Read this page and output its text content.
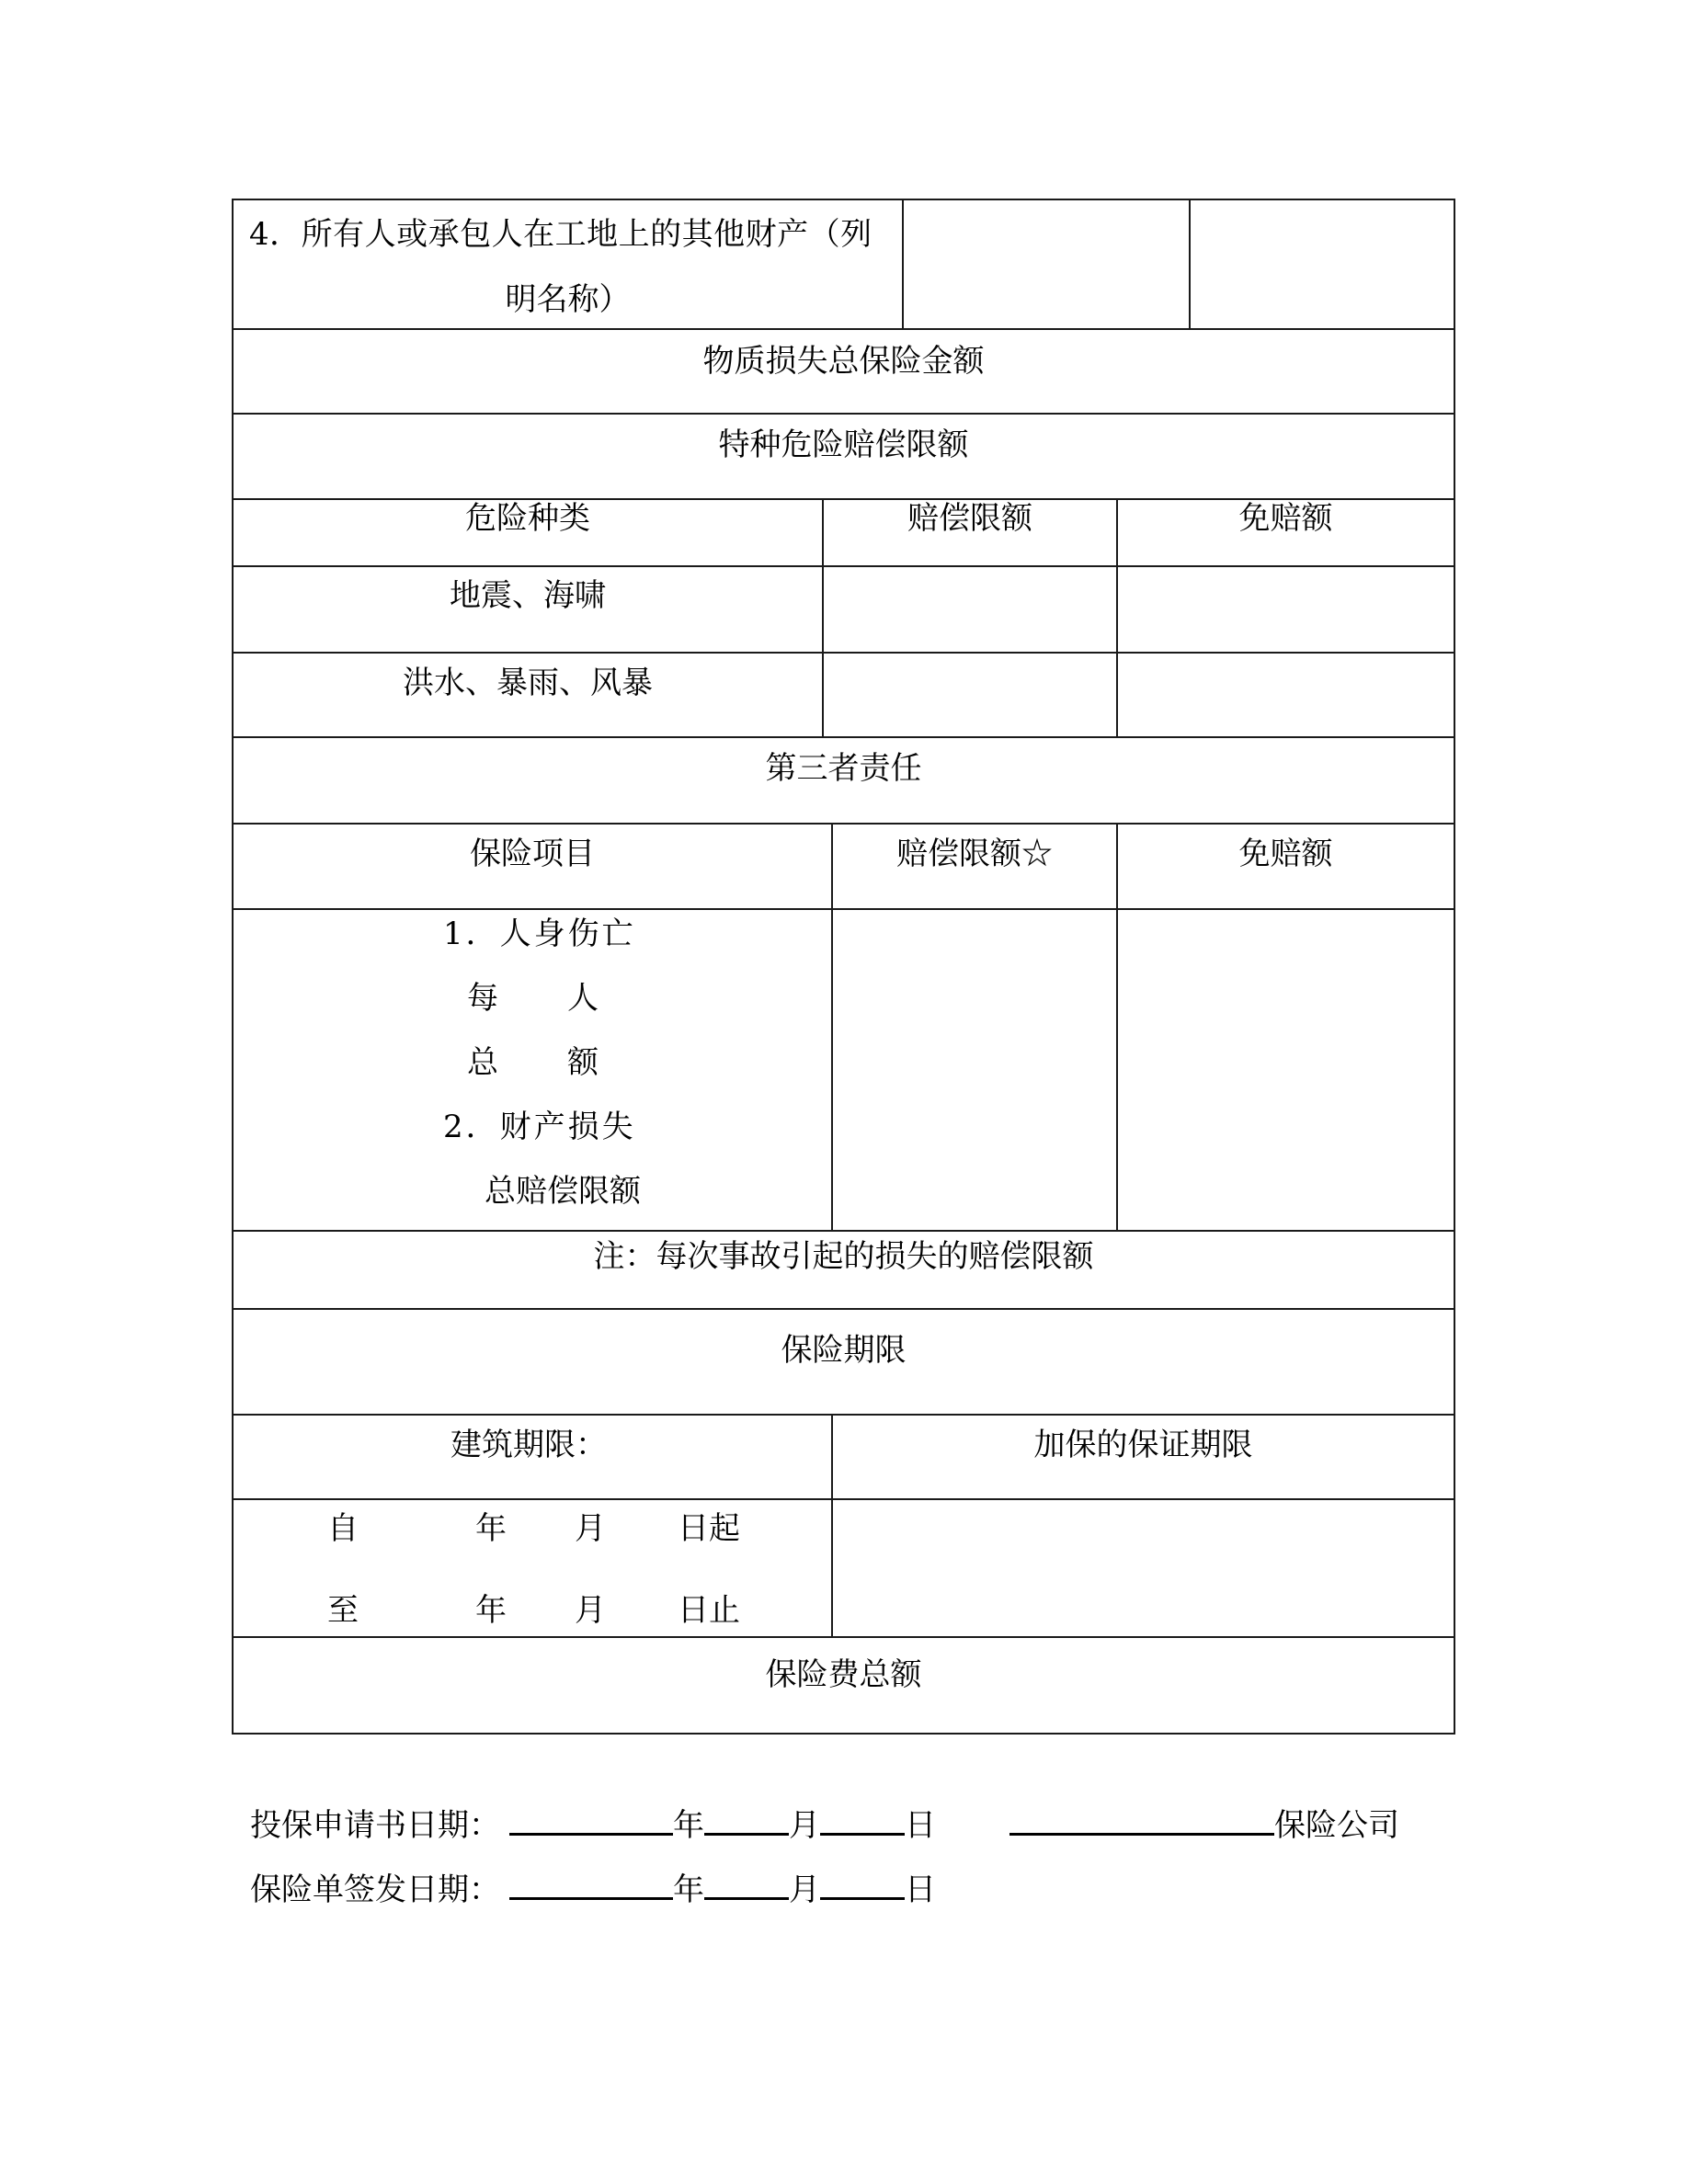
4．所有人或承包人在工地上的其他财产（列
明名称）
物质损失总保险金额
特种危险赔偿限额
危险种类	赔偿限额	免赔额
地震、海啸
洪水、暴雨、风暴
第三者责任
保险项目	赔偿限额☆	免赔额
1．人身伤亡
每 人
总 额
2．财产损失
总赔偿限额
注：每次事故引起的损失的赔偿限额
保险期限
建筑期限：	加保的保证期限
自	年 月 日起
至	年 月 日止
保险费总额
投保申请书日期：	年	月	日	保险公司
保险单签发日期：	年	月	日
